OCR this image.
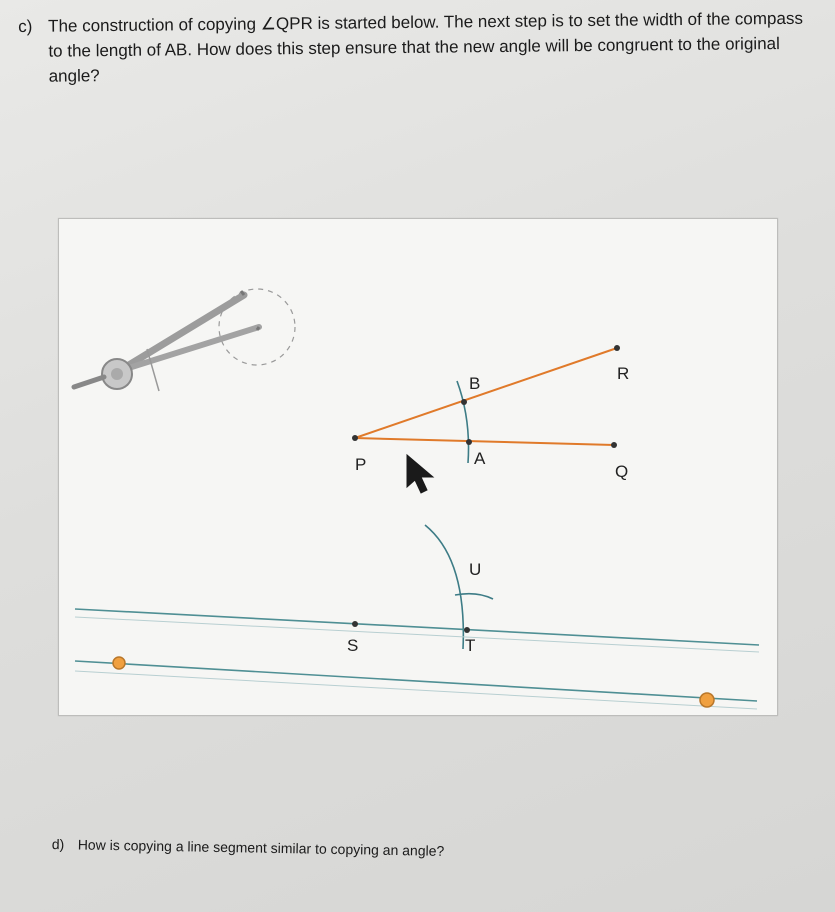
c) The construction of copying ∠QPR is started below. The next step is to set the width of the compass to the length of AB. How does this step ensure that the new angle will be congruent to the original angle?
P	Q
R
A
B
U
S	T
d) How is copying a line segment similar to copying an angle?
